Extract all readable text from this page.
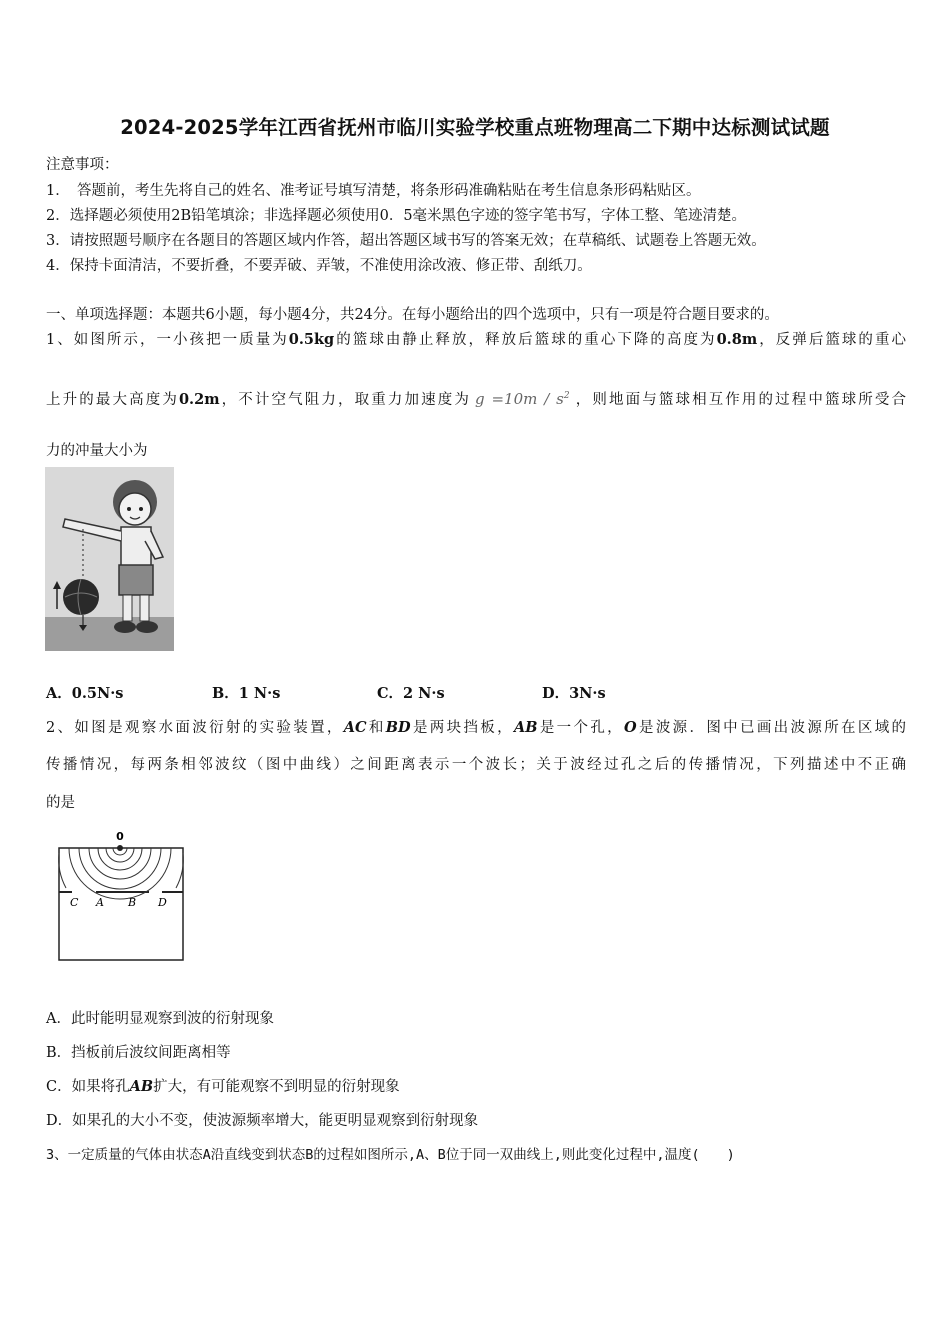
2024-2025学年江西省抚州市临川实验学校重点班物理高二下期中达标测试试题
注意事项：
1．　答题前，考生先将自己的姓名、准考证号填写清楚，将条形码准确粘贴在考生信息条形码粘贴区。
2．选择题必须使用2B铅笔填涂；非选择题必须使用0．5毫米黑色字迹的签字笔书写，字体工整、笔迹清楚。
3．请按照题号顺序在各题目的答题区域内作答，超出答题区域书写的答案无效；在草稿纸、试题卷上答题无效。
4．保持卡面清洁，不要折叠，不要弄破、弄皱，不准使用涂改液、修正带、刮纸刀。
一、单项选择题：本题共6小题，每小题4分，共24分。在每小题给出的四个选项中，只有一项是符合题目要求的。
1、如图所示，一小孩把一质量为0.5kg的篮球由静止释放，释放后篮球的重心下降的高度为0.8m，反弹后篮球的重心
上升的最大高度为0.2m，不计空气阻力，取重力加速度为 $g =10m / s^2$ ，则地面与篮球相互作用的过程中篮球所受合
力的冲量大小为
A．0.5N·s	B．1 N·s	C．2 N·s	D．3N·s
2、如图是观察水面波衍射的实验装置，AC和BD是两块挡板，AB是一个孔，O是波源．图中已画出波源所在区域的
传播情况，每两条相邻波纹（图中曲线）之间距离表示一个波长；关于波经过孔之后的传播情况，下列描述中不正确
的是
0
C A B D
A．此时能明显观察到波的衍射现象
B．挡板前后波纹间距离相等
C．如果将孔AB扩大，有可能观察不到明显的衍射现象
D．如果孔的大小不变，使波源频率增大，能更明显观察到衍射现象
3、一定质量的气体由状态A沿直线变到状态B的过程如图所示,A、B位于同一双曲线上,则此变化过程中,温度(　　)
